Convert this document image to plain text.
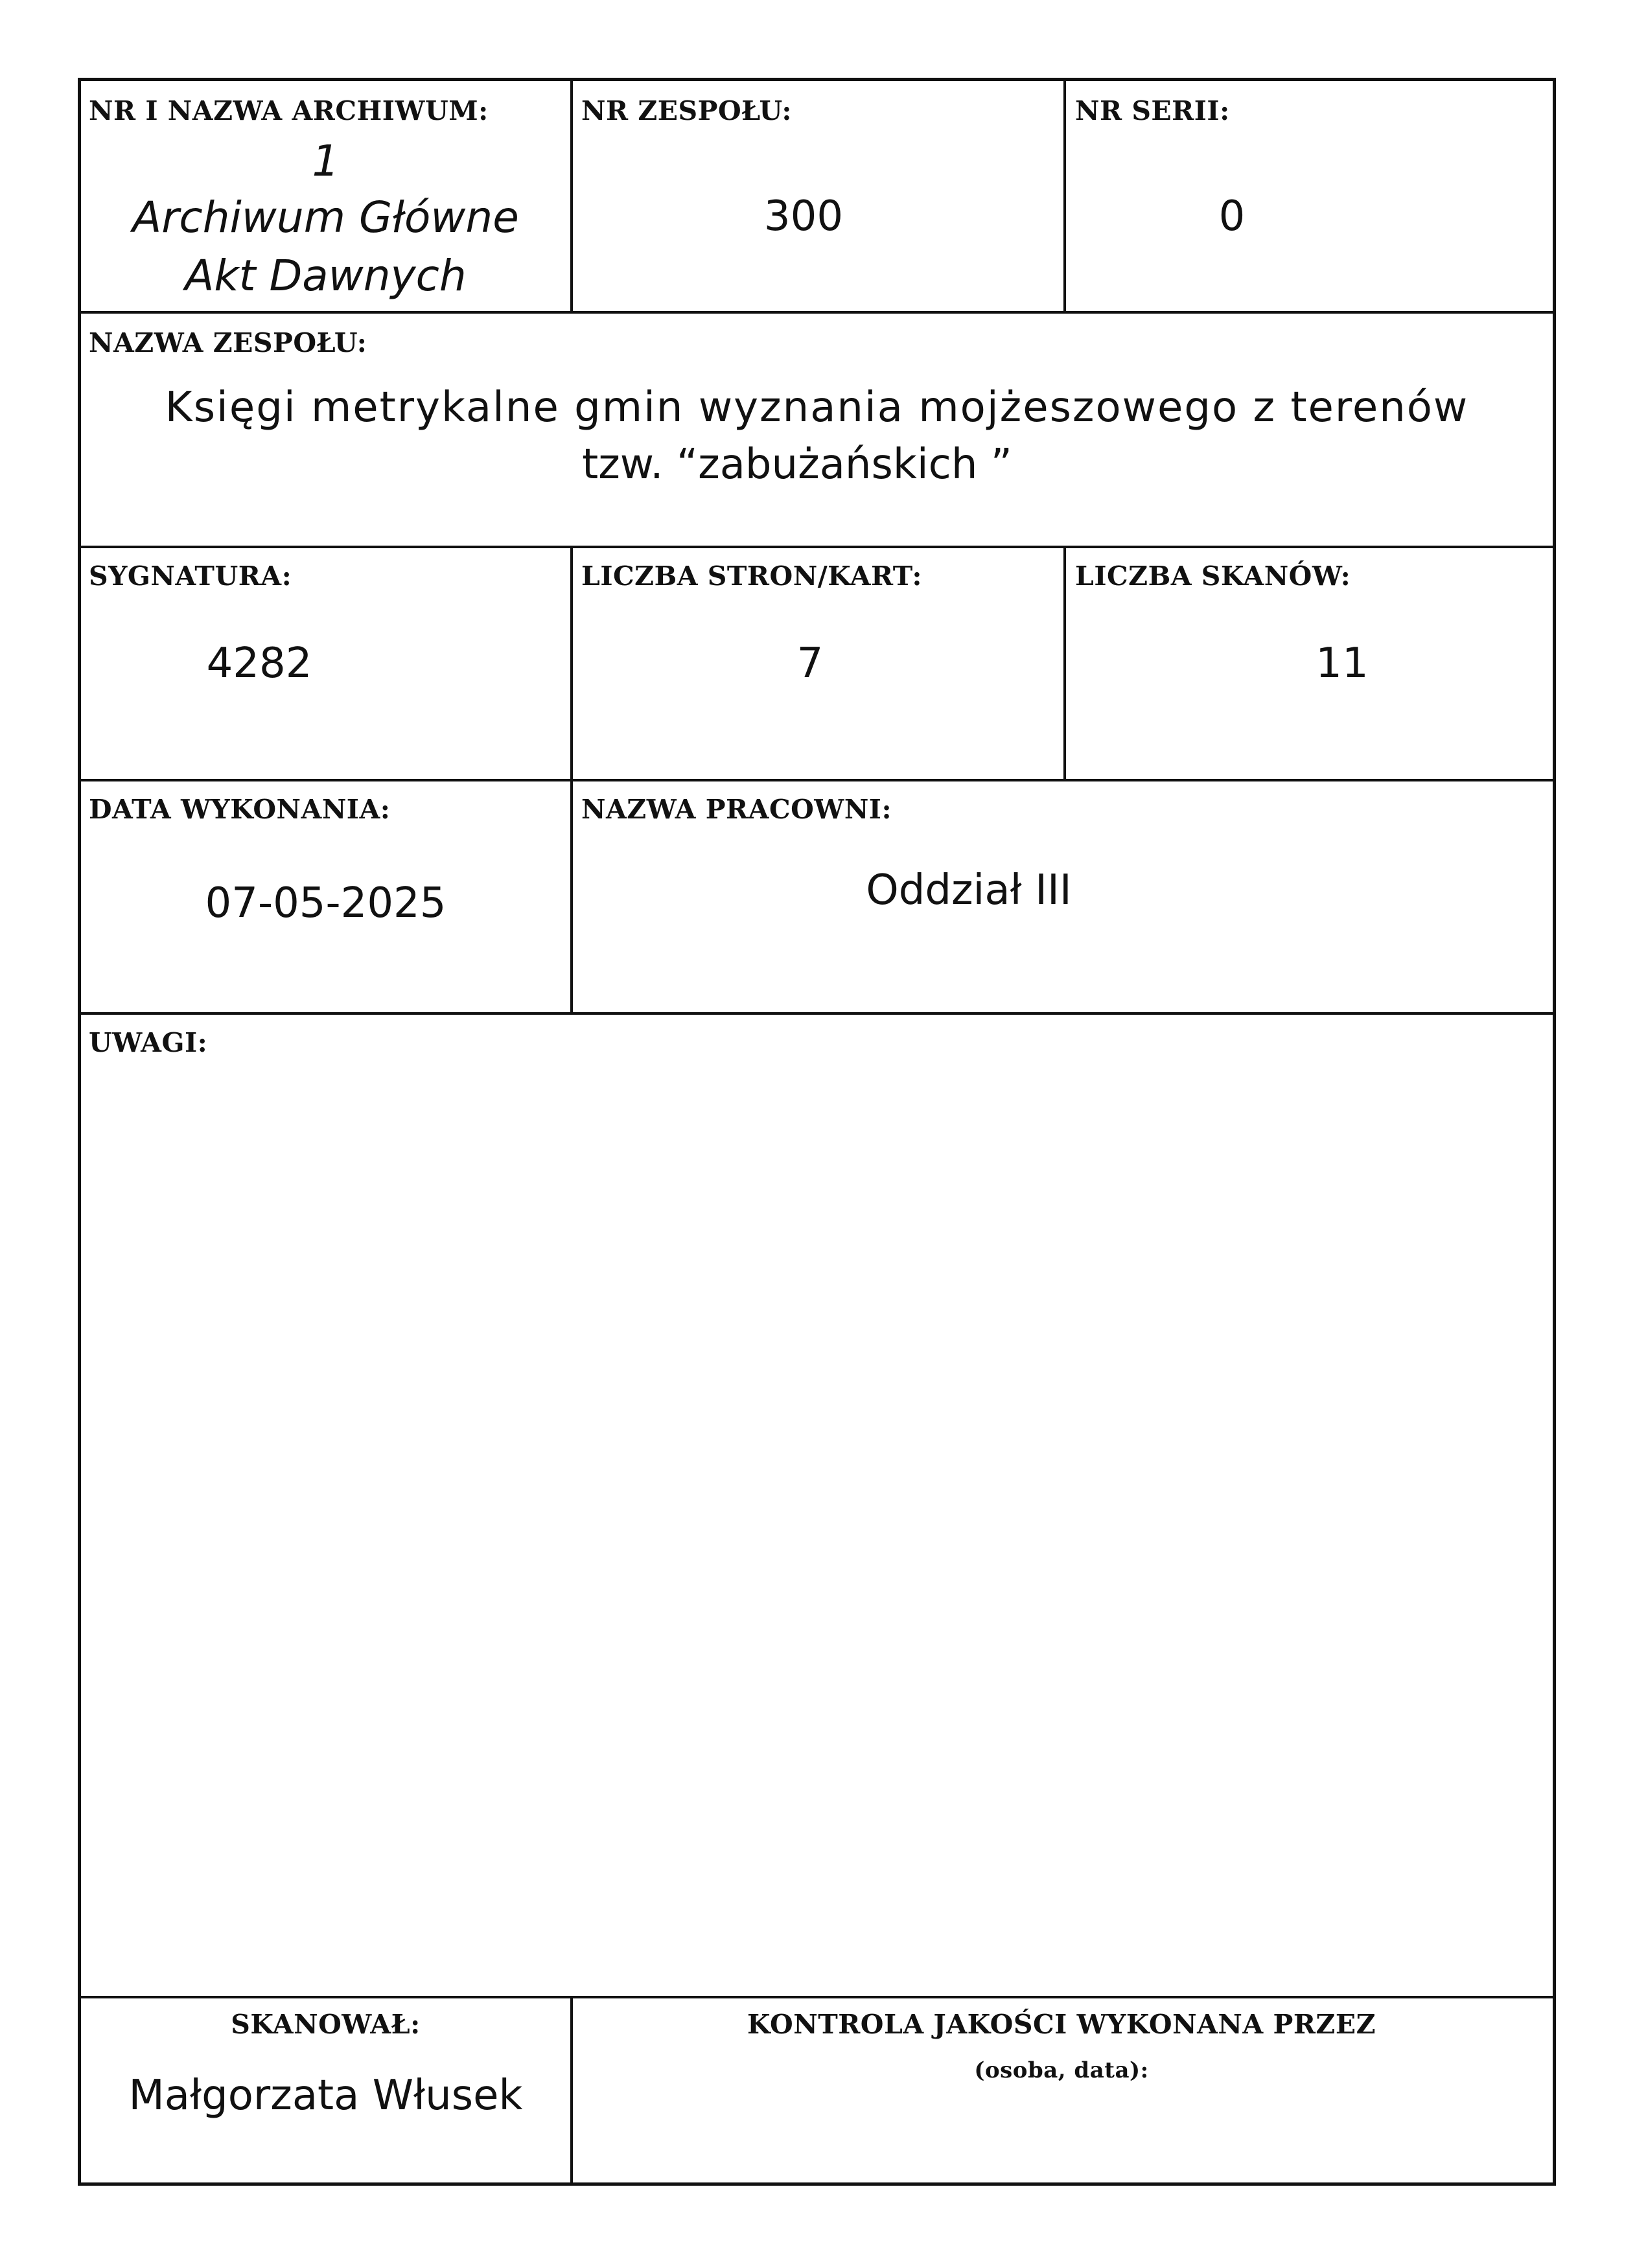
NR I NAZWA ARCHIWUM:
1
Archiwum Główne
Akt Dawnych
NR ZESPOŁU:
300
NR SERII:
0
NAZWA ZESPOŁU:
Księgi metrykalne gmin wyznania mojżeszowego z terenów
tzw. “zabużańskich ”
SYGNATURA:
4282
LICZBA STRON/KART:
7
LICZBA SKANÓW:
11
DATA WYKONANIA:
07-05-2025
NAZWA PRACOWNI:
Oddział III
UWAGI:
SKANOWAŁ:
Małgorzata Włusek
KONTROLA JAKOŚCI WYKONANA PRZEZ
(osoba, data):
